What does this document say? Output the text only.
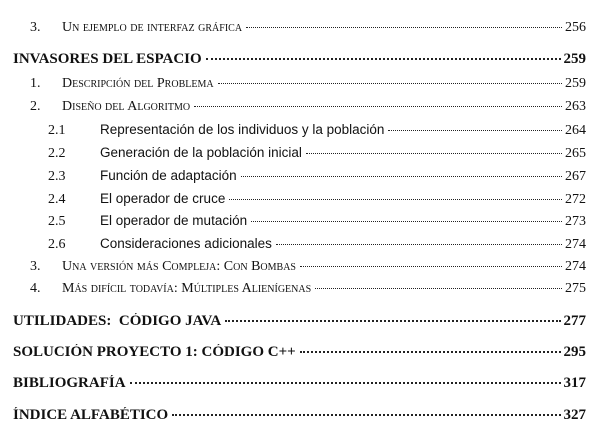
3.	Un ejemplo de interfaz gráfica	256
INVASORES DEL ESPACIO	259
1.	Descripción del Problema	259
2.	Diseño del Algoritmo	263
2.1	Representación de los individuos y la población	264
2.2	Generación de la población inicial	265
2.3	Función de adaptación	267
2.4	El operador de cruce	272
2.5	El operador de mutación	273
2.6	Consideraciones adicionales	274
3.	Una versión más Compleja: Con Bombas	274
4.	Más difícil todavía: Múltiples Alienígenas	275
UTILIDADES:  CÓDIGO JAVA	277
SOLUCIÓN PROYECTO 1: CÓDIGO C++	295
BIBLIOGRAFÍA	317
ÍNDICE ALFABÉTICO	327
